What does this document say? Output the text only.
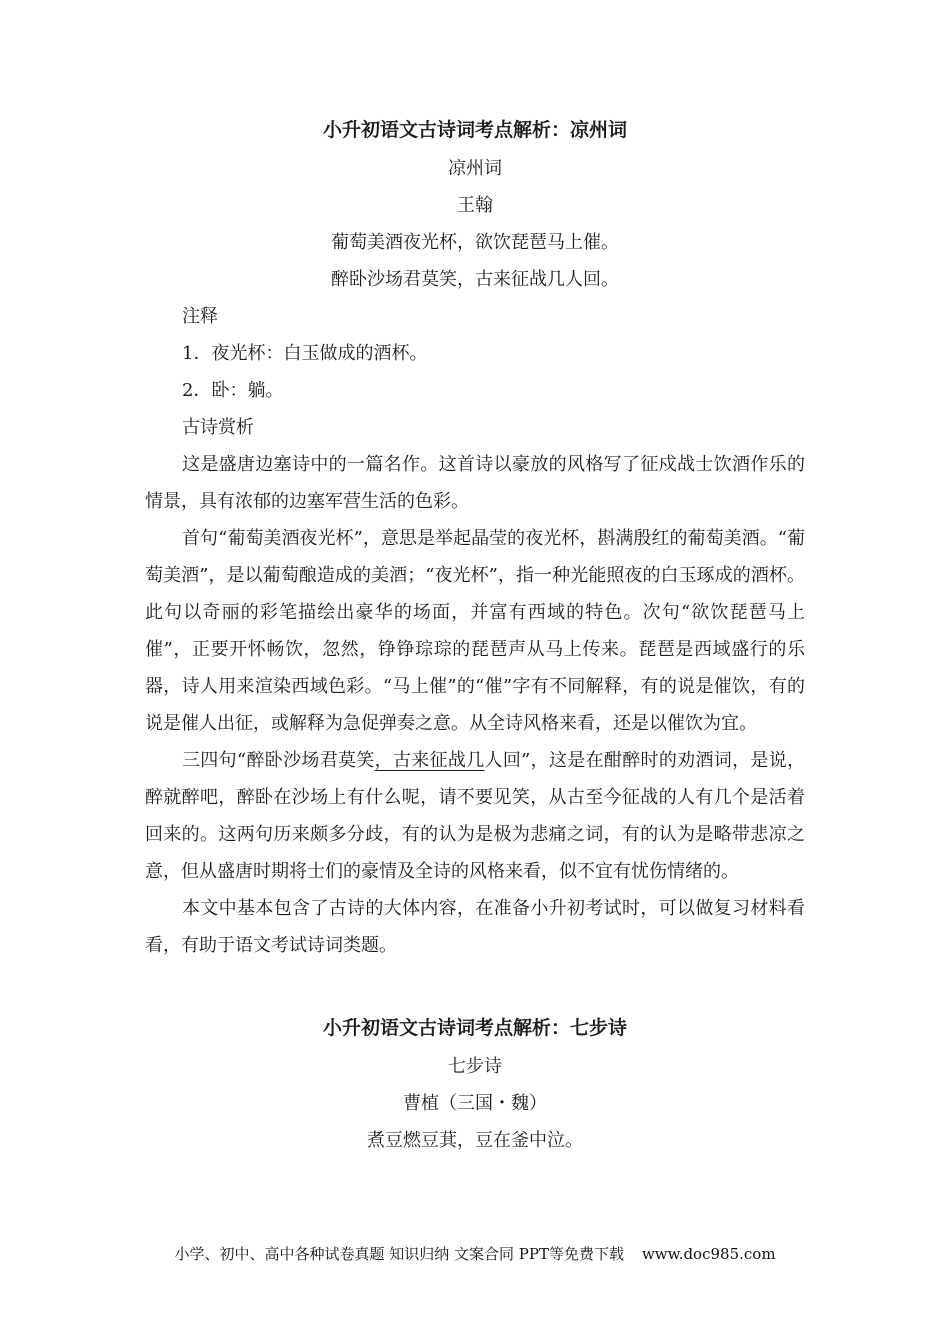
小升初语文古诗词考点解析：凉州词
凉州词
王翰
葡萄美酒夜光杯，欲饮琵琶马上催。
醉卧沙场君莫笑，古来征战几人回。
注释
1．夜光杯：白玉做成的酒杯。
2．卧：躺。
古诗赏析

这是盛唐边塞诗中的一篇名作。这首诗以豪放的风格写了征戍战士饮酒作乐的情景，具有浓郁的边塞军营生活的色彩。

首句“葡萄美酒夜光杯”，意思是举起晶莹的夜光杯，斟满殷红的葡萄美酒。“葡萄美酒”，是以葡萄酿造成的美酒；“夜光杯”，指一种光能照夜的白玉琢成的酒杯。此句以奇丽的彩笔描绘出豪华的场面，并富有西域的特色。次句“欲饮琵琶马上催”，正要开怀畅饮，忽然，铮铮琮琮的琵琶声从马上传来。琵琶是西域盛行的乐器，诗人用来渲染西域色彩。“马上催”的“催”字有不同解释，有的说是催饮，有的说是催人出征，或解释为急促弹奏之意。从全诗风格来看，还是以催饮为宜。

三四句“醉卧沙场君莫笑，古来征战几人回”，这是在酣醉时的劝酒词，是说，醉就醉吧，醉卧在沙场上有什么呢，请不要见笑，从古至今征战的人有几个是活着回来的。这两句历来颇多分歧，有的认为是极为悲痛之词，有的认为是略带悲凉之意，但从盛唐时期将士们的豪情及全诗的风格来看，似不宜有忧伤情绪的。

本文中基本包含了古诗的大体内容，在准备小升初考试时，可以做复习材料看看，有助于语文考试诗词类题。

小升初语文古诗词考点解析：七步诗
七步诗
曹植（三国・魏）
煮豆燃豆萁，豆在釜中泣。
小学、初中、高中各种试卷真题 知识归纳 文案合同 PPT等免费下载 www.doc985.com
